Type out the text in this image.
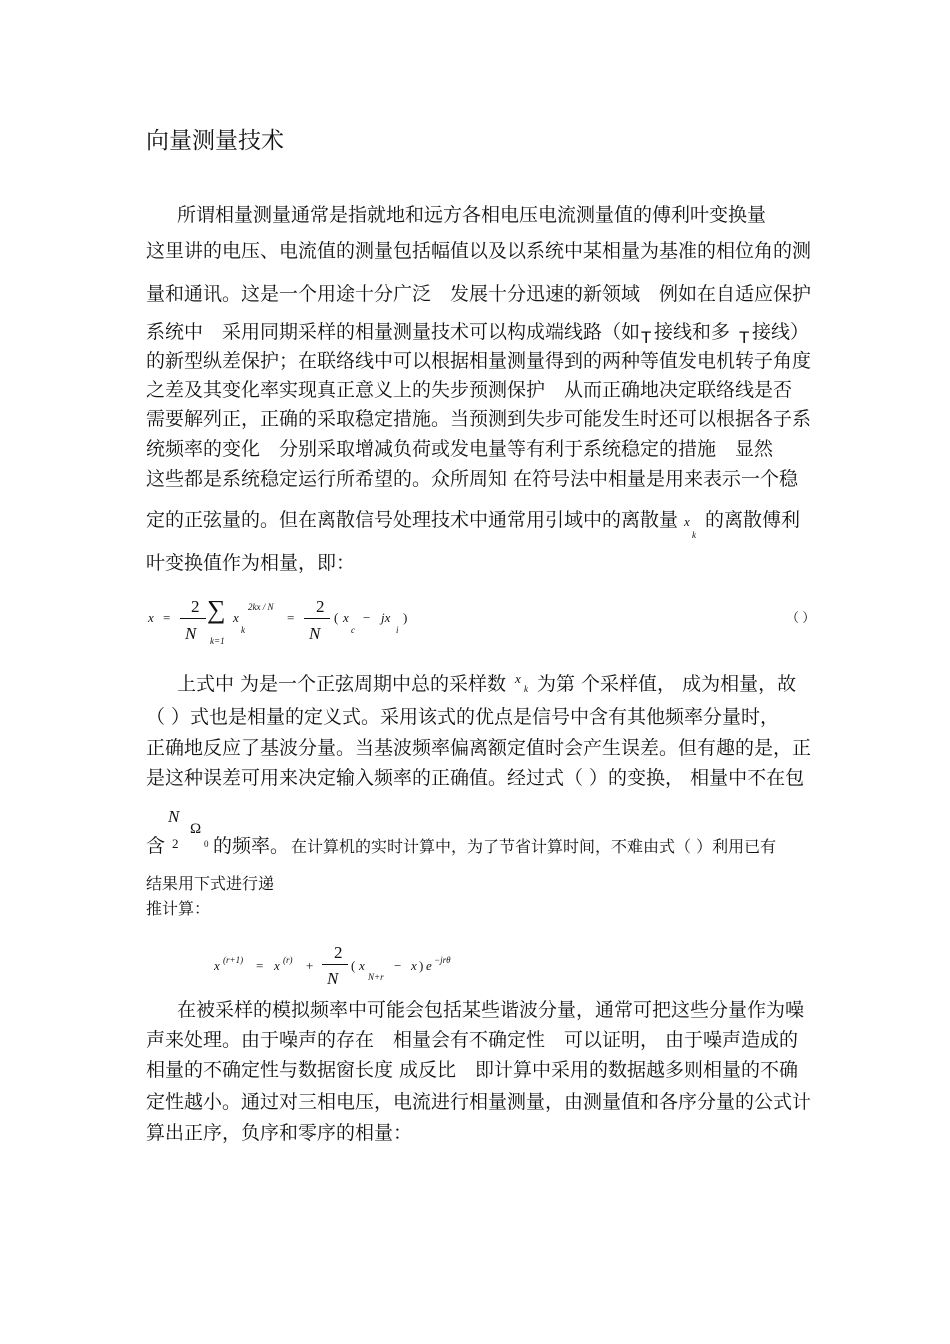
向量测量技术
所谓相量测量通常是指就地和远方各相电压电流测量值的傅利叶变换量
这里讲的电压、电流值的测量包括幅值以及以系统中某相量为基准的相位角的测
量和通讯。这是一个用途十分广泛　发展十分迅速的新领域　例如在自适应保护
系统中　采用同期采样的相量测量技术可以构成端线路（如 T 接线和多 T 接线）
的新型纵差保护；在联络线中可以根据相量测量得到的两种等值发电机转子角度
之差及其变化率实现真正意义上的失步预测保护　从而正确地决定联络线是否
需要解列正，正确的采取稳定措施。当预测到失步可能发生时还可以根据各子系
统频率的变化　分别采取增减负荷或发电量等有利于系统稳定的措施　显然
这些都是系统稳定运行所希望的。众所周知 在符号法中相量是用来表示一个稳
定的正弦量的。但在离散信号处理技术中通常用引域中的离散量 x
k
的离散傅利
叶变换值作为相量，即：
x =
2
N
∑
k=1
x
k
2kx / N
=
2
N
( x
c
− jx
i
)	（ ）
上式中 为是一个正弦周期中总的采样数 x
k 为第 个采样值， 成为相量，故
（ ）式也是相量的定义式。采用该式的优点是信号中含有其他频率分量时，
正确地反应了基波分量。当基波频率偏离额定值时会产生误差。但有趣的是，正
是这种误差可用来决定输入频率的正确值。经过式（ ）的变换， 相量中不在包
含
N
2
Ω
0 的频率。 在计算机的实时计算中，为了节省计算时间，不难由式（ ）利用已有
结果用下式进行递
推计算：
x (r+1) = x (r) +
2
N
( x
N+r
− x ) e −jrθ
在被采样的模拟频率中可能会包括某些谐波分量，通常可把这些分量作为噪
声来处理。由于噪声的存在　相量会有不确定性　可以证明， 由于噪声造成的
相量的不确定性与数据窗长度 成反比　即计算中采用的数据越多则相量的不确
定性越小。通过对三相电压，电流进行相量测量，由测量值和各序分量的公式计
算出正序，负序和零序的相量：
